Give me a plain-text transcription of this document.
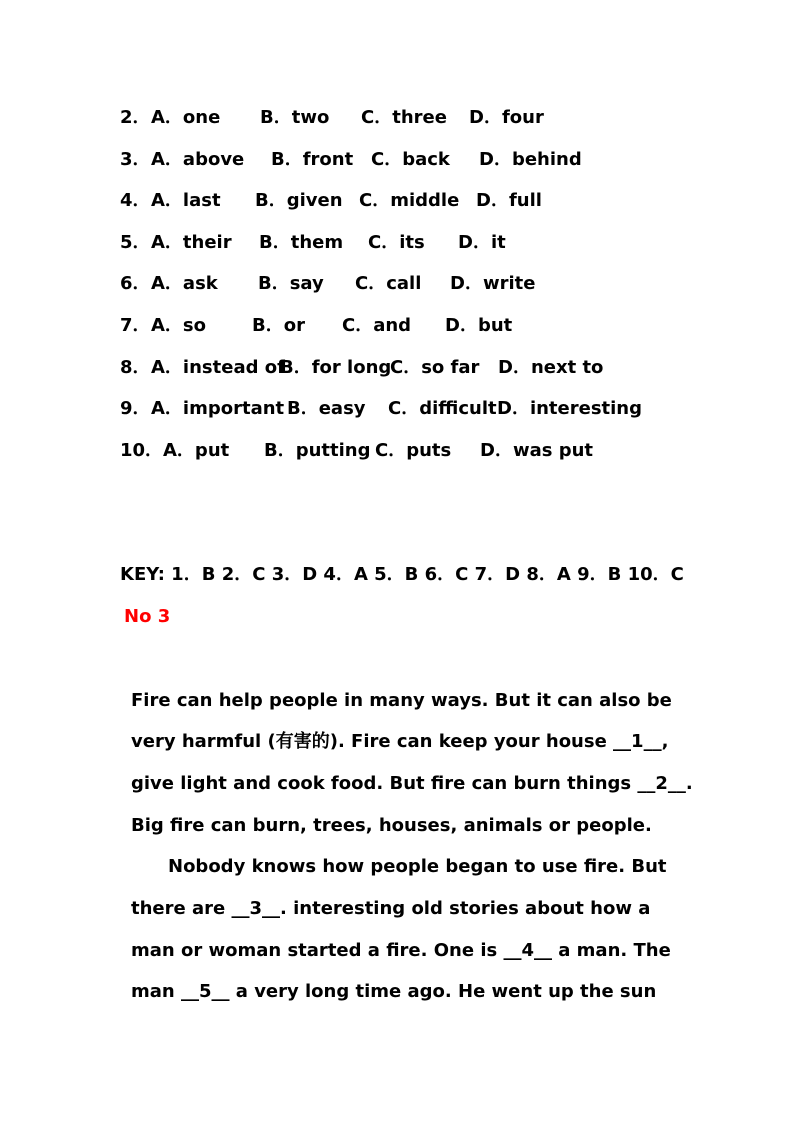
2． A．one B．two C．three D．four
3． A．above B．front C．back D．behind
4． A．last B．given C．middle D．full
5． A．their B．them C．its D．it
6． A．ask B．say C．call D．write
7． A．so	B．or C．and D．but
8． A．instead of
B．for long
C．so far D．next to
9． A．important B．easy C．difficult D．interesting
10． A．put B．putting C．puts D．was put
KEY: 1．B 2．C 3．D 4．A 5．B 6．C 7．D 8．A 9．B 10．C
No 3
Fire can help people in many ways. But it can also be
very harmful (有害的). Fire can keep your house __1__,
give light and cook food. But fire can burn things __2__.
Big fire can burn, trees, houses, animals or people.
Nobody knows how people began to use fire. But
there are __3__. interesting old stories about how a
man or woman started a fire. One is __4__ a man. The
man __5__ a very long time ago. He went up the sun
